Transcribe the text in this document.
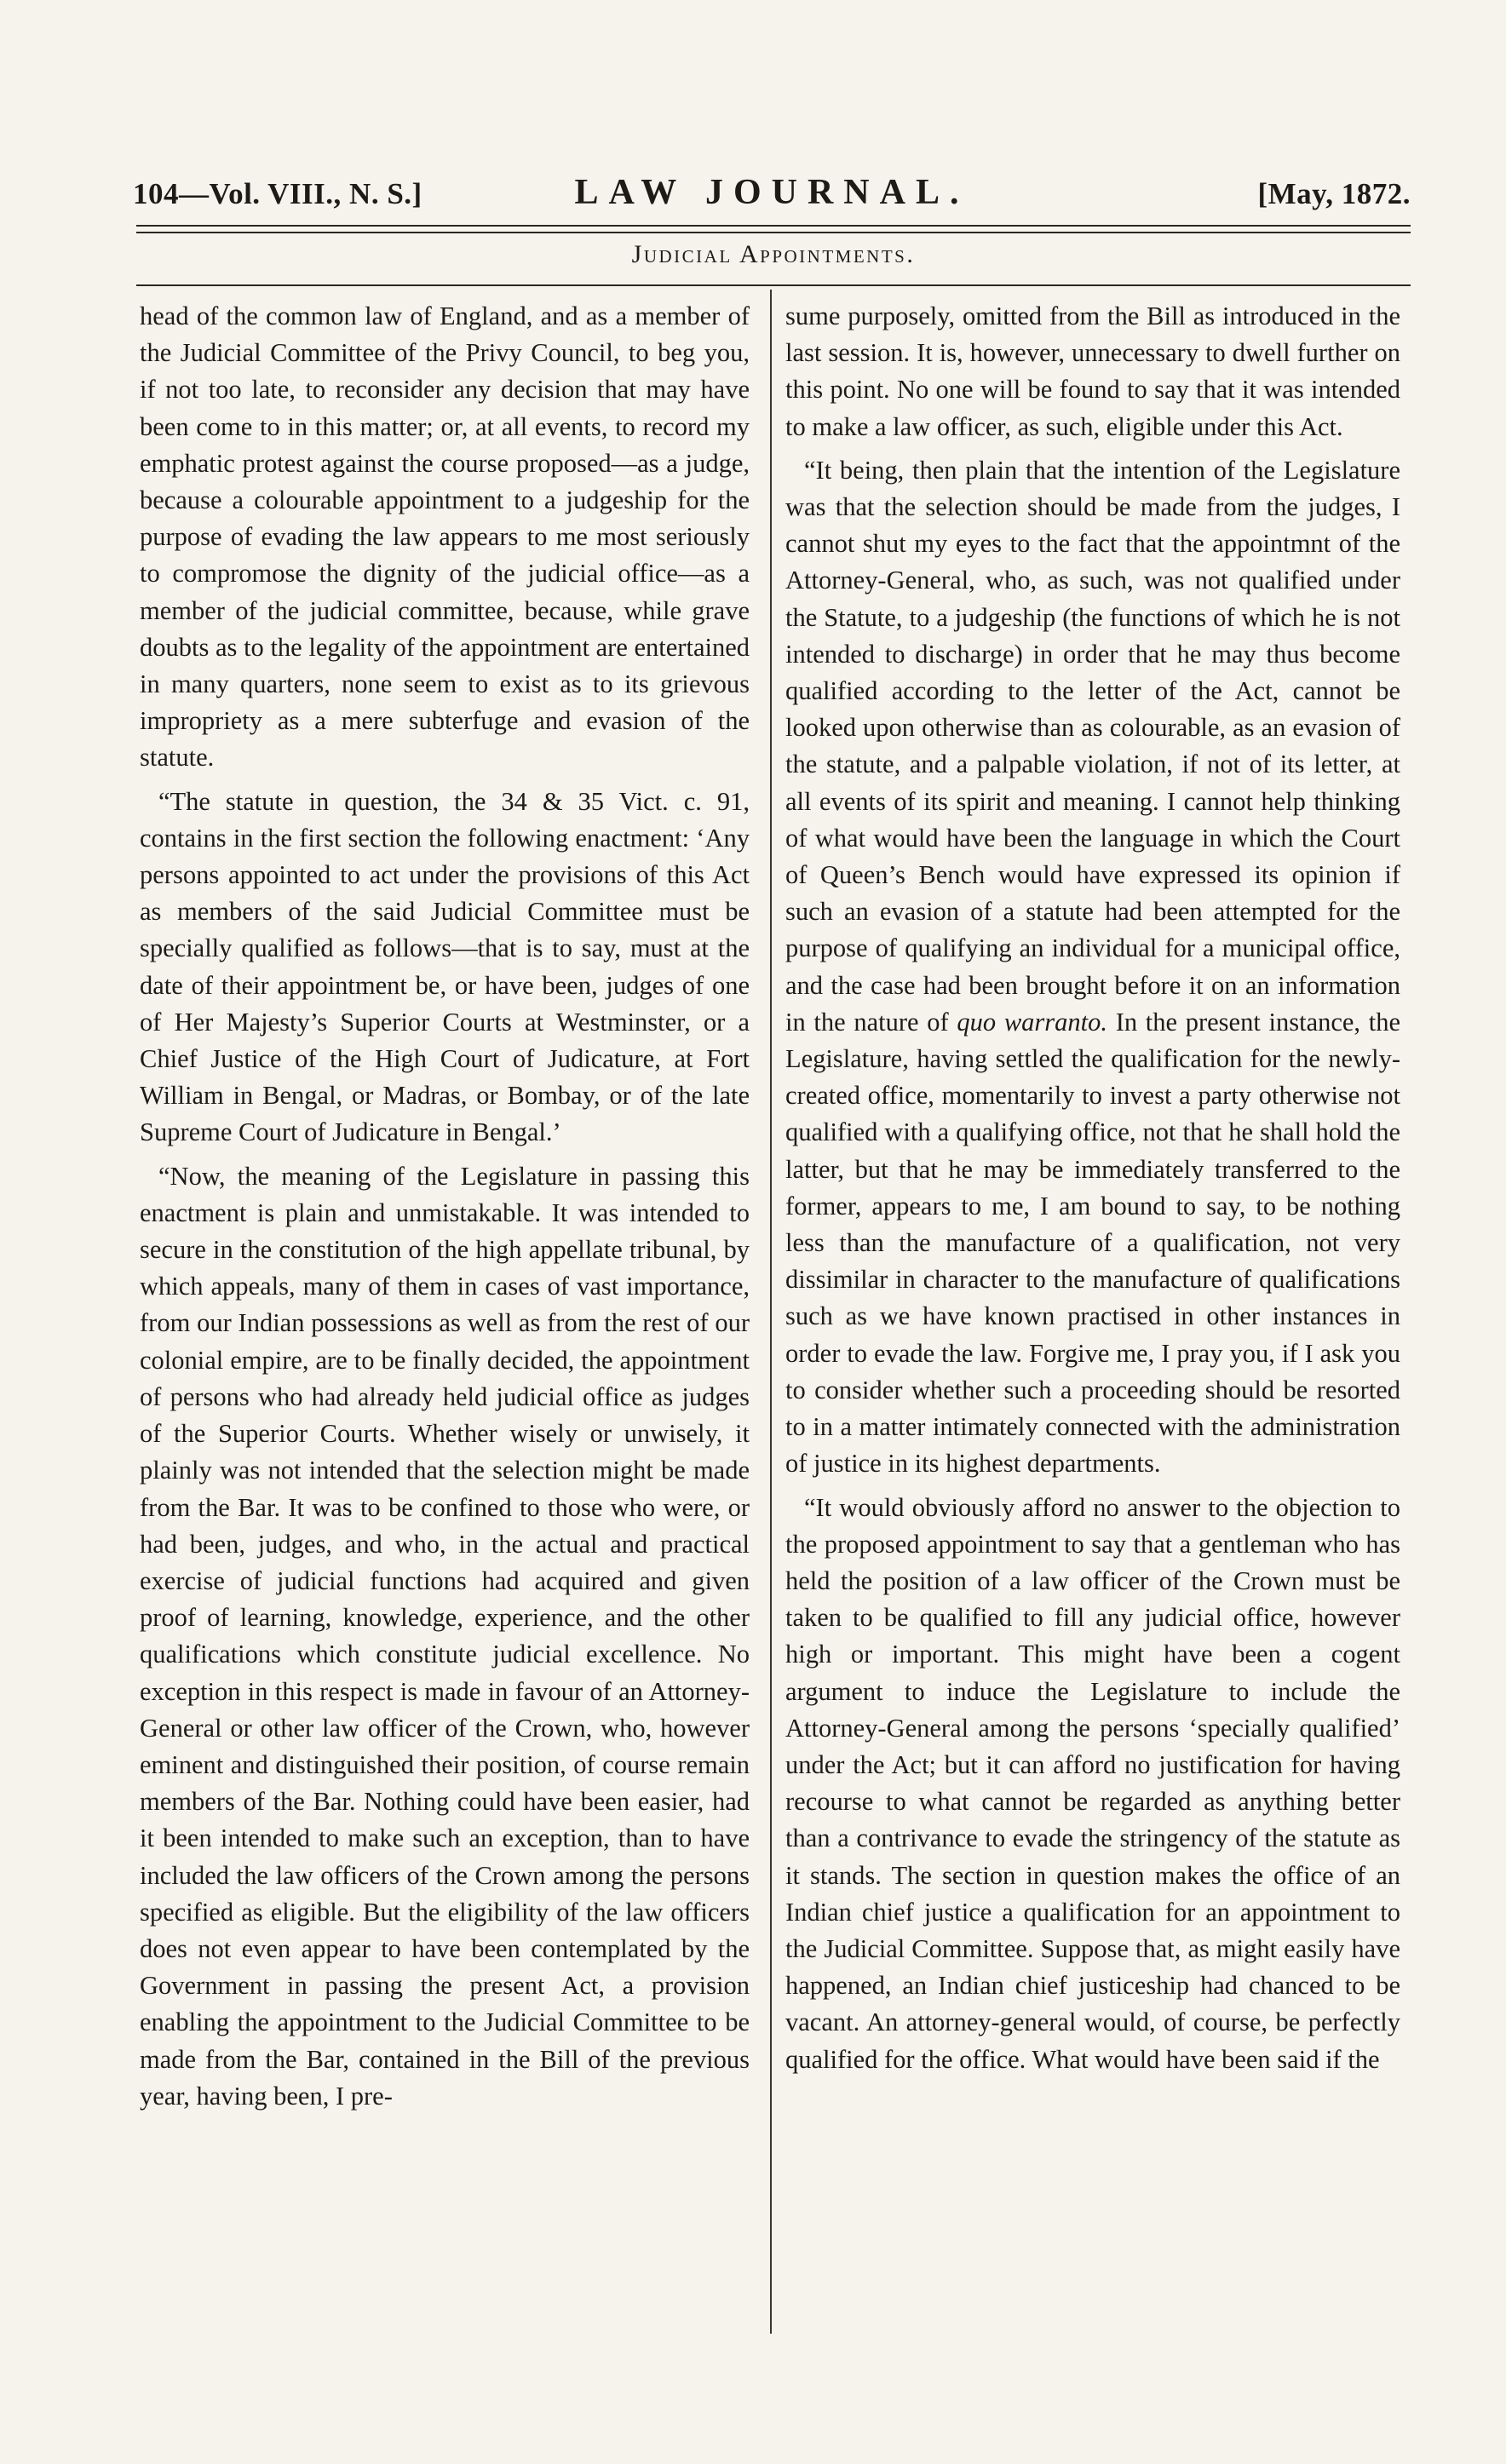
104—Vol. VIII., N. S.]	LAW JOURNAL.	[May, 1872.
Judicial Appointments.

head of the common law of England, and as a member of the Judicial Committee of the Privy Council, to beg you, if not too late, to reconsider any decision that may have been come to in this matter; or, at all events, to record my emphatic protest against the course proposed—as a judge, because a colourable appointment to a judgeship for the purpose of evading the law appears to me most seriously to compromose the dignity of the judicial office—as a member of the judicial committee, because, while grave doubts as to the legality of the appointment are entertained in many quarters, none seem to exist as to its grievous impropriety as a mere subterfuge and evasion of the statute.

“The statute in question, the 34 & 35 Vict. c. 91, contains in the first section the following enactment: ‘Any persons appointed to act under the provisions of this Act as members of the said Judicial Committee must be specially qualified as follows—that is to say, must at the date of their appointment be, or have been, judges of one of Her Majesty’s Superior Courts at Westminster, or a Chief Justice of the High Court of Judicature, at Fort William in Bengal, or Madras, or Bombay, or of the late Supreme Court of Judicature in Bengal.’

“Now, the meaning of the Legislature in passing this enactment is plain and unmistakable. It was intended to secure in the constitution of the high appellate tribunal, by which appeals, many of them in cases of vast importance, from our Indian possessions as well as from the rest of our colonial empire, are to be finally decided, the appointment of persons who had already held judicial office as judges of the Superior Courts. Whether wisely or unwisely, it plainly was not intended that the selection might be made from the Bar. It was to be confined to those who were, or had been, judges, and who, in the actual and practical exercise of judicial functions had acquired and given proof of learning, knowledge, experience, and the other qualifications which constitute judicial excellence. No exception in this respect is made in favour of an Attorney-General or other law officer of the Crown, who, however eminent and distinguished their position, of course remain members of the Bar. Nothing could have been easier, had it been intended to make such an exception, than to have included the law officers of the Crown among the persons specified as eligible. But the eligibility of the law officers does not even appear to have been contemplated by the Government in passing the present Act, a provision enabling the appointment to the Judicial Committee to be made from the Bar, contained in the Bill of the previous year, having been, I pre-

sume purposely, omitted from the Bill as introduced in the last session. It is, however, unnecessary to dwell further on this point. No one will be found to say that it was intended to make a law officer, as such, eligible under this Act.

“It being, then plain that the intention of the Legislature was that the selection should be made from the judges, I cannot shut my eyes to the fact that the appointmnt of the Attorney-General, who, as such, was not qualified under the Statute, to a judgeship (the functions of which he is not intended to discharge) in order that he may thus become qualified according to the letter of the Act, cannot be looked upon otherwise than as colourable, as an evasion of the statute, and a palpable violation, if not of its letter, at all events of its spirit and meaning. I cannot help thinking of what would have been the language in which the Court of Queen’s Bench would have expressed its opinion if such an evasion of a statute had been attempted for the purpose of qualifying an individual for a municipal office, and the case had been brought before it on an information in the nature of quo warranto. In the present instance, the Legislature, having settled the qualification for the newly-created office, momentarily to invest a party otherwise not qualified with a qualifying office, not that he shall hold the latter, but that he may be immediately transferred to the former, appears to me, I am bound to say, to be nothing less than the manufacture of a qualification, not very dissimilar in character to the manufacture of qualifications such as we have known practised in other instances in order to evade the law. Forgive me, I pray you, if I ask you to consider whether such a proceeding should be resorted to in a matter intimately connected with the administration of justice in its highest departments.

“It would obviously afford no answer to the objection to the proposed appointment to say that a gentleman who has held the position of a law officer of the Crown must be taken to be qualified to fill any judicial office, however high or important. This might have been a cogent argument to induce the Legislature to include the Attorney-General among the persons ‘specially qualified’ under the Act; but it can afford no justification for having recourse to what cannot be regarded as anything better than a contrivance to evade the stringency of the statute as it stands. The section in question makes the office of an Indian chief justice a qualification for an appointment to the Judicial Committee. Suppose that, as might easily have happened, an Indian chief justiceship had chanced to be vacant. An attorney-general would, of course, be perfectly qualified for the office. What would have been said if the
